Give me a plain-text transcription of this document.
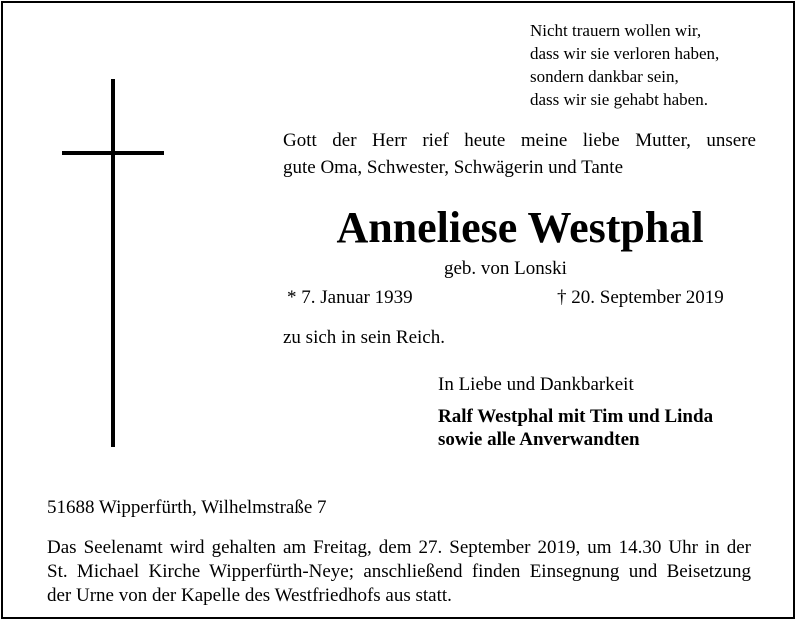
Nicht trauern wollen wir,
dass wir sie verloren haben,
sondern dankbar sein,
dass wir sie gehabt haben.
Gott der Herr rief heute meine liebe Mutter, unsere
gute Oma, Schwester, Schwägerin und Tante
Anneliese Westphal
geb. von Lonski
* 7. Januar 1939	† 20. September 2019
zu sich in sein Reich.
In Liebe und Dankbarkeit
Ralf Westphal mit Tim und Linda
sowie alle Anverwandten
51688 Wipperfürth, Wilhelmstraße 7
Das Seelenamt wird gehalten am Freitag, dem 27. September 2019, um 14.30 Uhr in der
St. Michael Kirche Wipperfürth-Neye; anschließend finden Einsegnung und Beisetzung
der Urne von der Kapelle des Westfriedhofs aus statt.
